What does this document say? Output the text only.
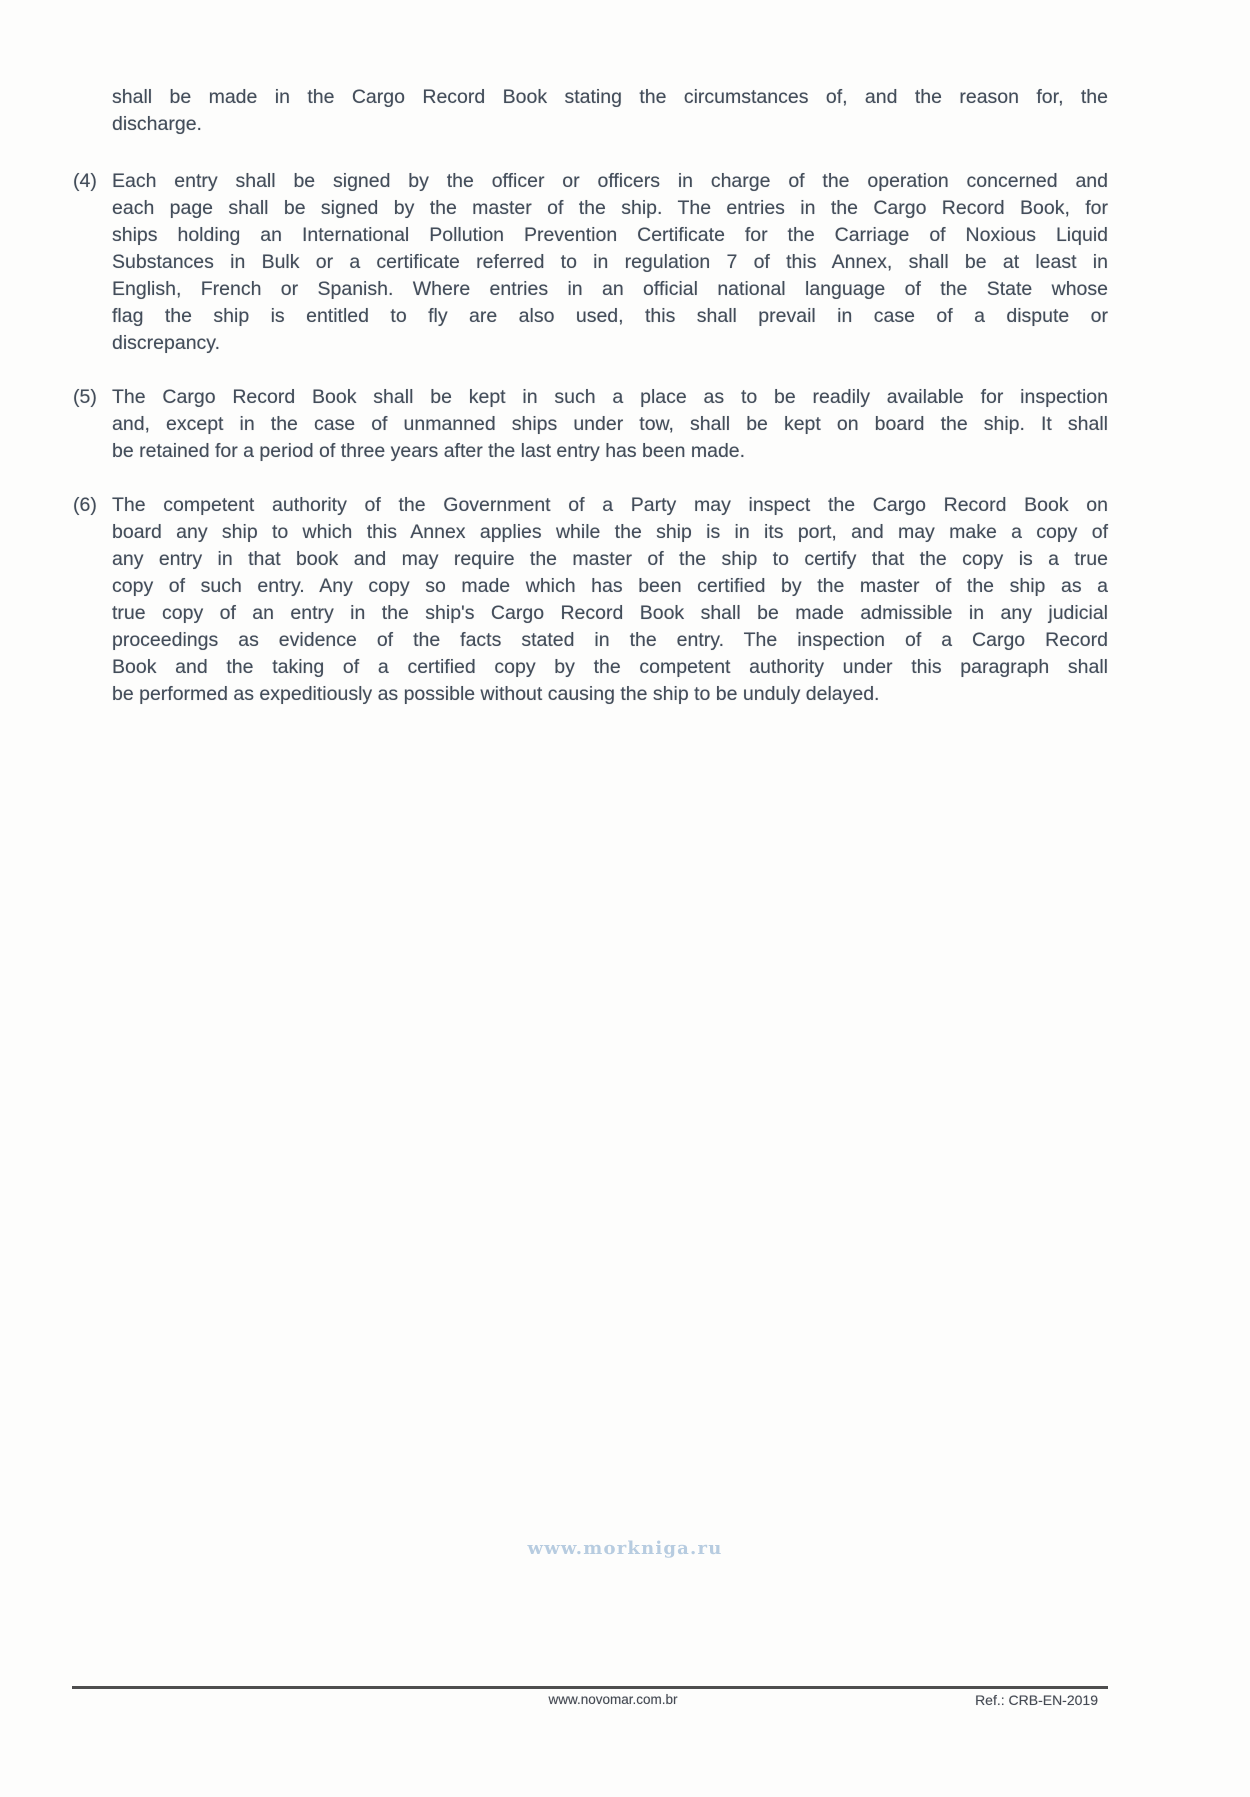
shall be made in the Cargo Record Book stating the circumstances of, and the reason for, the
discharge.
(4) Each entry shall be signed by the officer or officers in charge of the operation concerned and
each page shall be signed by the master of the ship. The entries in the Cargo Record Book, for
ships holding an International Pollution Prevention Certificate for the Carriage of Noxious Liquid
Substances in Bulk or a certificate referred to in regulation 7 of this Annex, shall be at least in
English, French or Spanish. Where entries in an official national language of the State whose
flag the ship is entitled to fly are also used, this shall prevail in case of a dispute or
discrepancy.
(5) The Cargo Record Book shall be kept in such a place as to be readily available for inspection
and, except in the case of unmanned ships under tow, shall be kept on board the ship. It shall
be retained for a period of three years after the last entry has been made.
(6) The competent authority of the Government of a Party may inspect the Cargo Record Book on
board any ship to which this Annex applies while the ship is in its port, and may make a copy of
any entry in that book and may require the master of the ship to certify that the copy is a true
copy of such entry. Any copy so made which has been certified by the master of the ship as a
true copy of an entry in the ship's Cargo Record Book shall be made admissible in any judicial
proceedings as evidence of the facts stated in the entry. The inspection of a Cargo Record
Book and the taking of a certified copy by the competent authority under this paragraph shall
be performed as expeditiously as possible without causing the ship to be unduly delayed.
www.morkniga.ru
www.novomar.com.br	Ref.: CRB-EN-2019
